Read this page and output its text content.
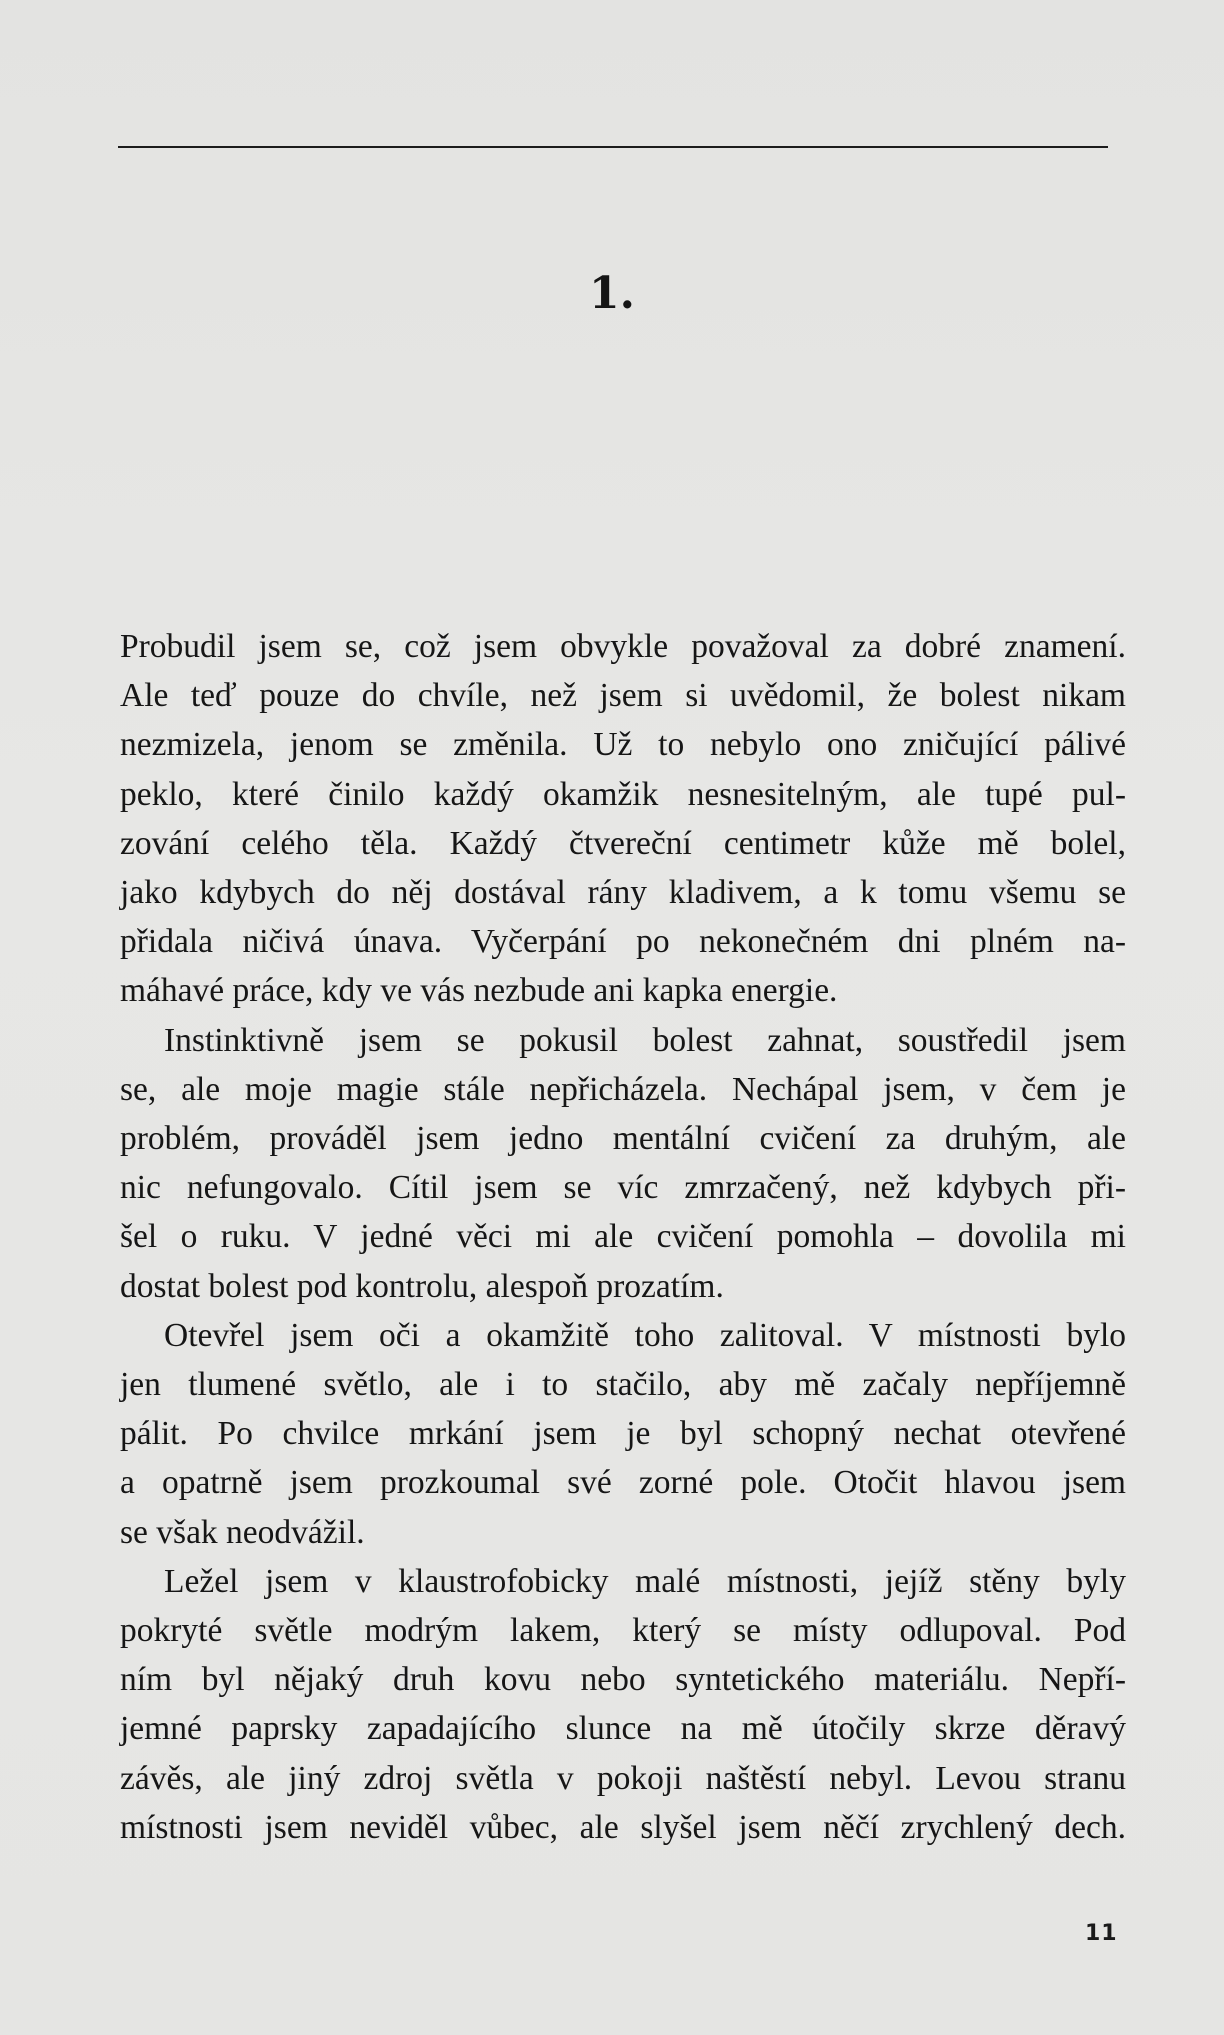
1.
Probudil jsem se, což jsem obvykle považoval za dobré znamení.
Ale teď pouze do chvíle, než jsem si uvědomil, že bolest nikam
nezmizela, jenom se změnila. Už to nebylo ono zničující pálivé
peklo, které činilo každý okamžik nesnesitelným, ale tupé pul-
zování celého těla. Každý čtvereční centimetr kůže mě bolel,
jako kdybych do něj dostával rány kladivem, a k tomu všemu se
přidala ničivá únava. Vyčerpání po nekonečném dni plném na-
máhavé práce, kdy ve vás nezbude ani kapka energie.
Instinktivně jsem se pokusil bolest zahnat, soustředil jsem
se, ale moje magie stále nepřicházela. Nechápal jsem, v čem je
problém, prováděl jsem jedno mentální cvičení za druhým, ale
nic nefungovalo. Cítil jsem se víc zmrzačený, než kdybych při-
šel o ruku. V jedné věci mi ale cvičení pomohla – dovolila mi
dostat bolest pod kontrolu, alespoň prozatím.
Otevřel jsem oči a okamžitě toho zalitoval. V místnosti bylo
jen tlumené světlo, ale i to stačilo, aby mě začaly nepříjemně
pálit. Po chvilce mrkání jsem je byl schopný nechat otevřené
a opatrně jsem prozkoumal své zorné pole. Otočit hlavou jsem
se však neodvážil.
Ležel jsem v klaustrofobicky malé místnosti, jejíž stěny byly
pokryté světle modrým lakem, který se místy odlupoval. Pod
ním byl nějaký druh kovu nebo syntetického materiálu. Nepří-
jemné paprsky zapadajícího slunce na mě útočily skrze děravý
závěs, ale jiný zdroj světla v pokoji naštěstí nebyl. Levou stranu
místnosti jsem neviděl vůbec, ale slyšel jsem něčí zrychlený dech.
11
